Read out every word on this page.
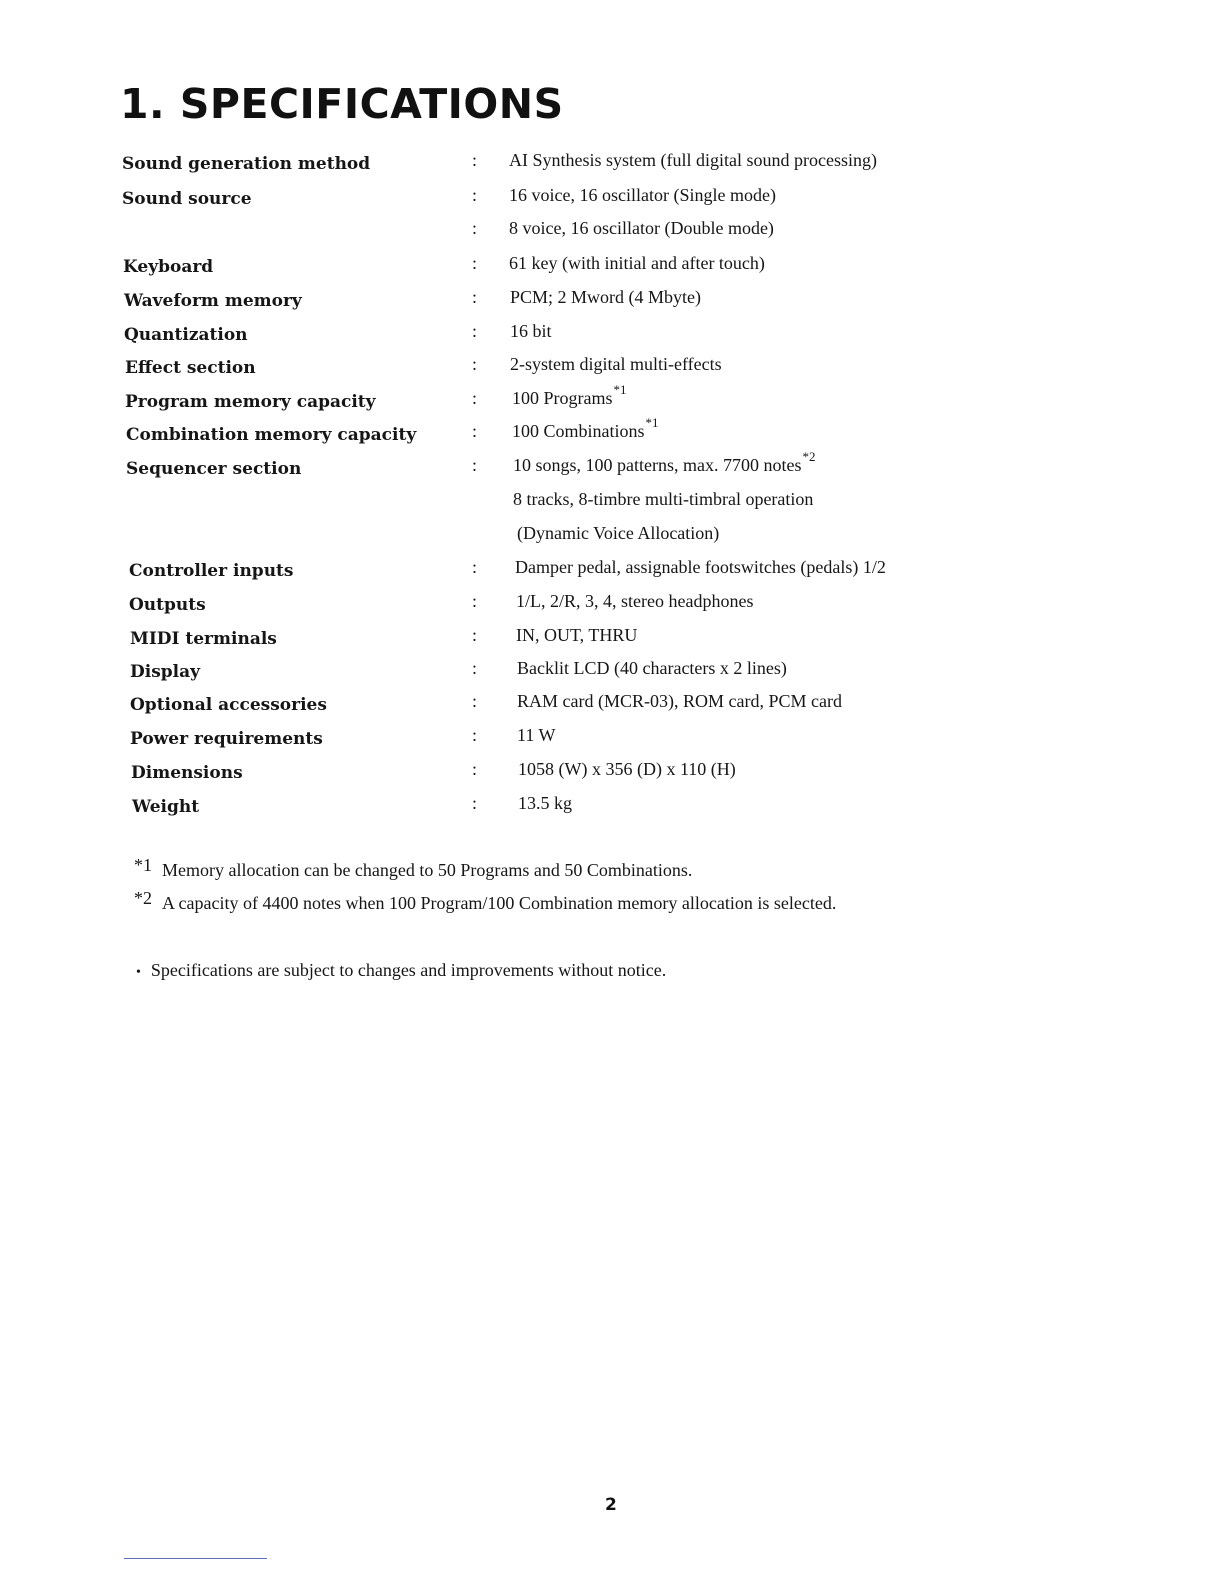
1. SPECIFICATIONS
Sound generation method	: AI Synthesis system (full digital sound processing)
Sound source	: 16 voice, 16 oscillator (Single mode)
: 8 voice, 16 oscillator (Double mode)
Keyboard	: 61 key (with initial and after touch)
Waveform memory	: PCM; 2 Mword (4 Mbyte)
Quantization	: 16 bit
Effect section	: 2-system digital multi-effects
Program memory capacity	: 100 Programs$^{*1}$
Combination memory capacity	: 100 Combinations$^{*1}$
Sequencer section	: 10 songs, 100 patterns, max. 7700 notes$^{*2}$
8 tracks, 8-timbre multi-timbral operation
(Dynamic Voice Allocation)
Controller inputs	: Damper pedal, assignable footswitches (pedals) 1/2
Outputs	: 1/L, 2/R, 3, 4, stereo headphones
MIDI terminals	: IN, OUT, THRU
Display	: Backlit LCD (40 characters x 2 lines)
Optional accessories	: RAM card (MCR-03), ROM card, PCM card
Power requirements	: 11 W
Dimensions	: 1058 (W) x 356 (D) x 110 (H)
Weight	: 13.5 kg
*1 Memory allocation can be changed to 50 Programs and 50 Combinations.
*2 A capacity of 4400 notes when 100 Program/100 Combination memory allocation is selected.
• Specifications are subject to changes and improvements without notice.
2
